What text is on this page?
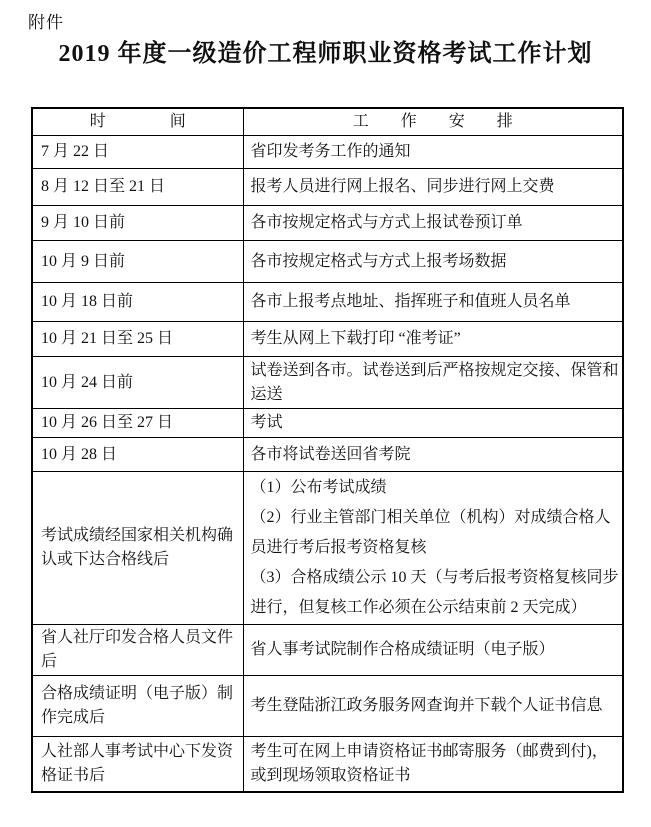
附件
2019 年度一级造价工程师职业资格考试工作计划
时　　　　间	工　　作　　安　　排
7 月 22 日	省印发考务工作的通知
8 月 12 日至 21 日	报考人员进行网上报名、同步进行网上交费
9 月 10 日前	各市按规定格式与方式上报试卷预订单
10 月 9 日前	各市按规定格式与方式上报考场数据
10 月 18 日前	各市上报考点地址、指挥班子和值班人员名单
10 月 21 日至 25 日	考生从网上下载打印 “准考证”
10 月 24 日前	试卷送到各市。试卷送到后严格按规定交接、保管和运送
10 月 26 日至 27 日	考试
10 月 28 日	各市将试卷送回省考院
考试成绩经国家相关机构确认或下达合格线后	（1）公布考试成绩

（2）行业主管部门相关单位（机构）对成绩合格人员进行考后报考资格复核

（3）合格成绩公示 10 天（与考后报考资格复核同步进行，但复核工作必须在公示结束前 2 天完成）

省人社厅印发合格人员文件后	省人事考试院制作合格成绩证明（电子版）
合格成绩证明（电子版）制作完成后	考生登陆浙江政务服务网查询并下载个人证书信息
人社部人事考试中心下发资格证书后	考生可在网上申请资格证书邮寄服务（邮费到付)，或到现场领取资格证书
